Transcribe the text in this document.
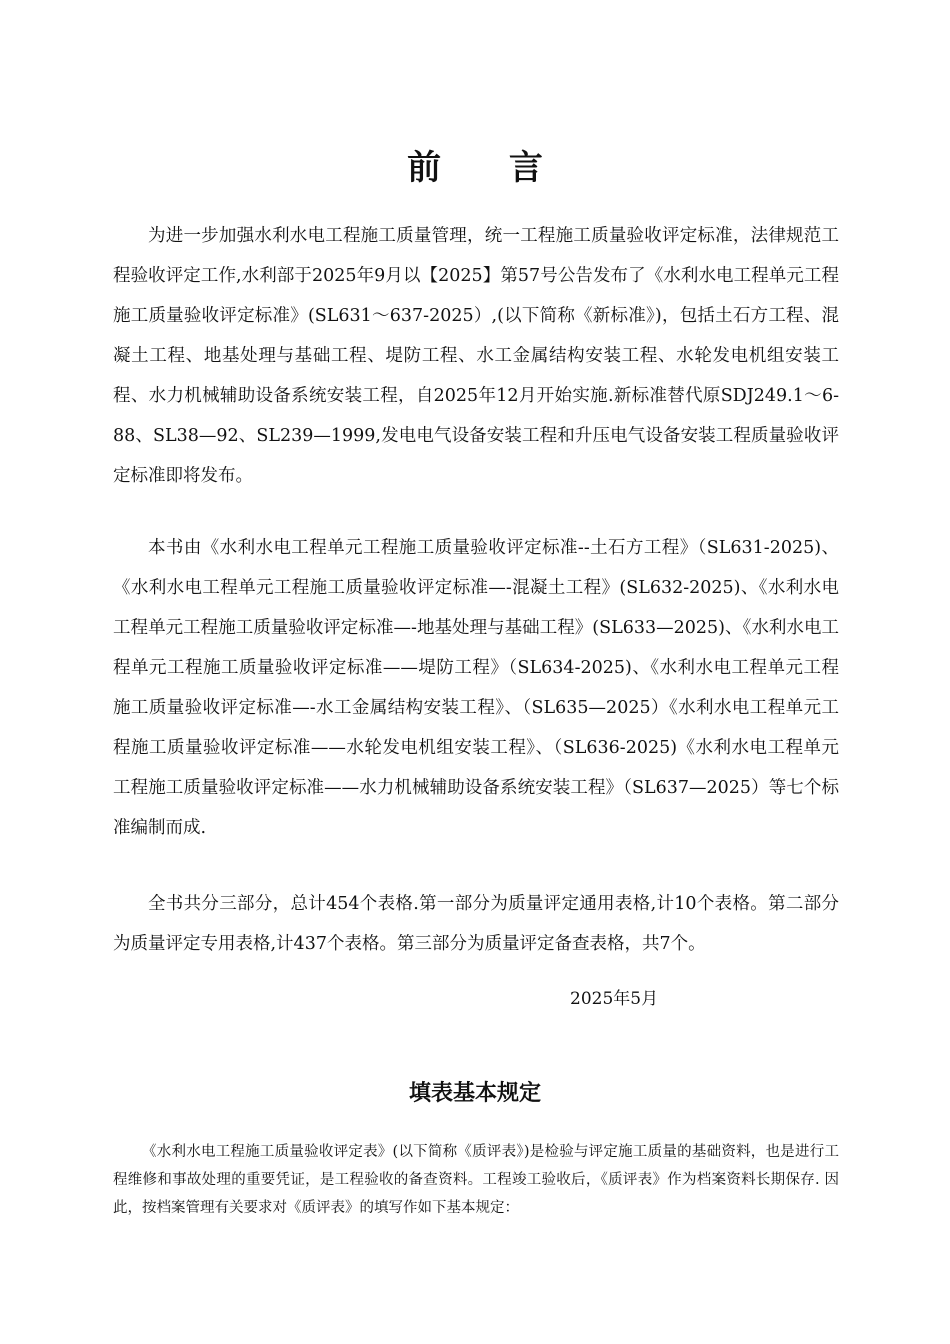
前 言

为进一步加强水利水电工程施工质量管理，统一工程施工质量验收评定标准，法律规范工程验收评定工作,水利部于2025年9月以【2025】第57号公告发布了《水利水电工程单元工程施工质量验收评定标准》(SL631～637-2025）,(以下简称《新标准》)，包括土石方工程、混凝土工程、地基处理与基础工程、堤防工程、水工金属结构安装工程、水轮发电机组安装工程、水力机械辅助设备系统安装工程，自2025年12月开始实施.新标准替代原SDJ249.1～6-88、SL38—92、SL239—1999,发电电气设备安装工程和升压电气设备安装工程质量验收评定标准即将发布。

本书由《水利水电工程单元工程施工质量验收评定标准--土石方工程》（SL631-2025)、《水利水电工程单元工程施工质量验收评定标准—-混凝土工程》(SL632-2025)、《水利水电工程单元工程施工质量验收评定标准—-地基处理与基础工程》(SL633—2025)、《水利水电工程单元工程施工质量验收评定标准——堤防工程》（SL634-2025)、《水利水电工程单元工程施工质量验收评定标准—-水工金属结构安装工程》、（SL635—2025）《水利水电工程单元工程施工质量验收评定标准——水轮发电机组安装工程》、（SL636-2025)《水利水电工程单元工程施工质量验收评定标准——水力机械辅助设备系统安装工程》（SL637—2025）等七个标准编制而成.

全书共分三部分，总计454个表格.第一部分为质量评定通用表格,计10个表格。第二部分为质量评定专用表格,计437个表格。第三部分为质量评定备查表格，共7个。

2025年5月
填表基本规定

《水利水电工程施工质量验收评定表》(以下简称《质评表》)是检验与评定施工质量的基础资料，也是进行工程维修和事故处理的重要凭证，是工程验收的备查资料。工程竣工验收后，《质评表》作为档案资料长期保存. 因此，按档案管理有关要求对《质评表》的填写作如下基本规定：
